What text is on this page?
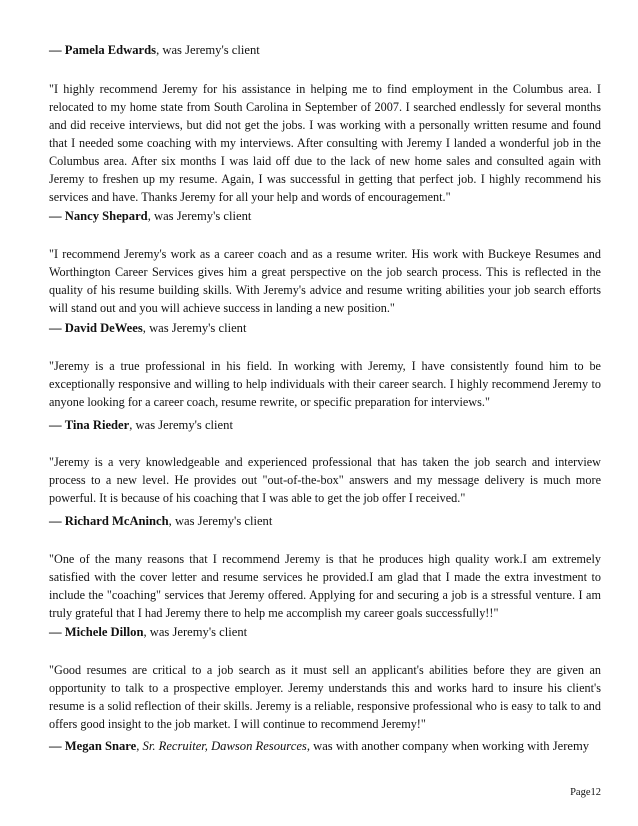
— Pamela Edwards, was Jeremy's client
"I highly recommend Jeremy for his assistance in helping me to find employment in the Columbus area. I relocated to my home state from South Carolina in September of 2007. I searched endlessly for several months and did receive interviews, but did not get the jobs. I was working with a personally written resume and found that I needed some coaching with my interviews. After consulting with Jeremy I landed a wonderful job in the Columbus area. After six months I was laid off due to the lack of new home sales and consulted again with Jeremy to freshen up my resume. Again, I was successful in getting that perfect job. I highly recommend his services and have. Thanks Jeremy for all your help and words of encouragement."
— Nancy Shepard, was Jeremy's client
"I recommend Jeremy's work as a career coach and as a resume writer. His work with Buckeye Resumes and Worthington Career Services gives him a great perspective on the job search process. This is reflected in the quality of his resume building skills. With Jeremy's advice and resume writing abilities your job search efforts will stand out and you will achieve success in landing a new position."
— David DeWees, was Jeremy's client
"Jeremy is a true professional in his field. In working with Jeremy, I have consistently found him to be exceptionally responsive and willing to help individuals with their career search. I highly recommend Jeremy to anyone looking for a career coach, resume rewrite, or specific preparation for interviews."
— Tina Rieder, was Jeremy's client
"Jeremy is a very knowledgeable and experienced professional that has taken the job search and interview process to a new level. He provides out "out-of-the-box" answers and my message delivery is much more powerful. It is because of his coaching that I was able to get the job offer I received."
— Richard McAninch, was Jeremy's client
"One of the many reasons that I recommend Jeremy is that he produces high quality work.I am extremely satisfied with the cover letter and resume services he provided.I am glad that I made the extra investment to include the "coaching" services that Jeremy offered. Applying for and securing a job is a stressful venture. I am truly grateful that I had Jeremy there to help me accomplish my career goals successfully!!"
— Michele Dillon, was Jeremy's client
"Good resumes are critical to a job search as it must sell an applicant's abilities before they are given an opportunity to talk to a prospective employer. Jeremy understands this and works hard to insure his client's resume is a solid reflection of their skills. Jeremy is a reliable, responsive professional who is easy to talk to and offers good insight to the job market. I will continue to recommend Jeremy!"
— Megan Snare, Sr. Recruiter, Dawson Resources, was with another company when working with Jeremy
Page12
